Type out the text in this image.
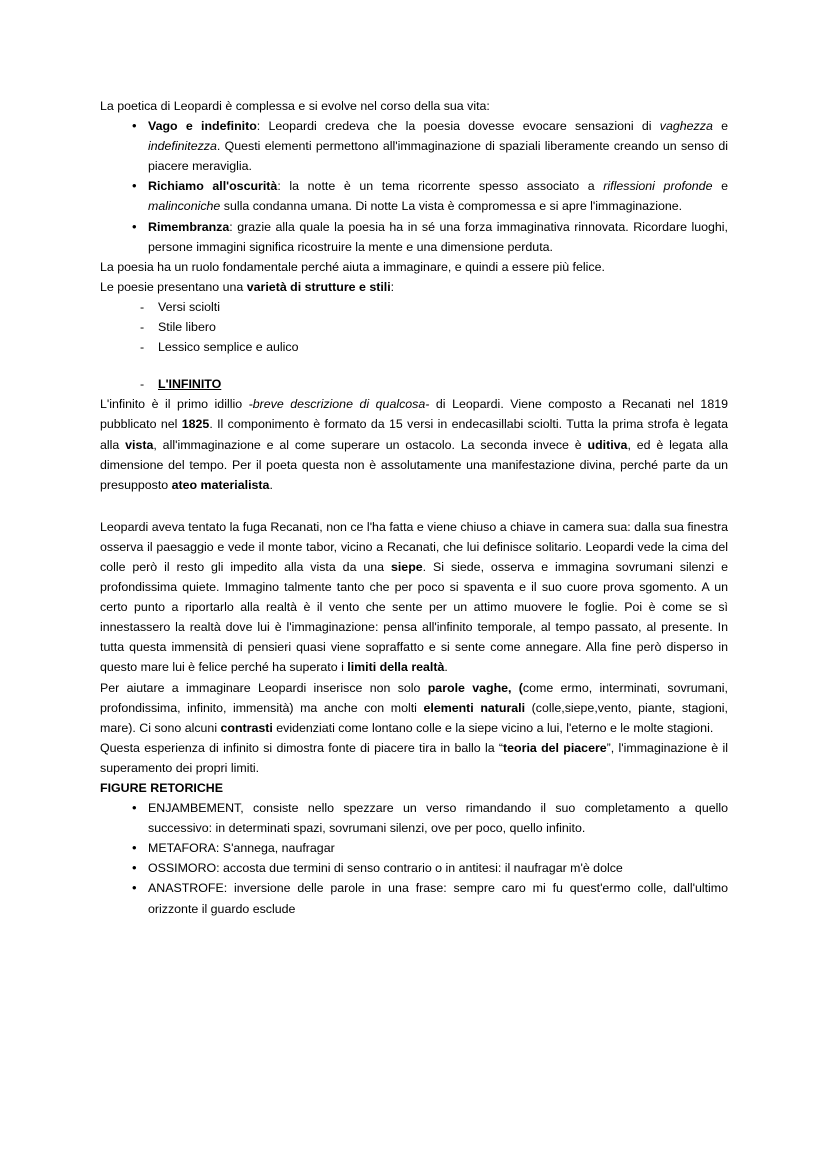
La poetica di Leopardi è complessa e si evolve nel corso della sua vita:

• Vago e indefinito: Leopardi credeva che la poesia dovesse evocare sensazioni di vaghezza e indefinitezza. Questi elementi permettono all'immaginazione di spaziali liberamente creando un senso di piacere meraviglia.
• Richiamo all'oscurità: la notte è un tema ricorrente spesso associato a riflessioni profonde e malinconiche sulla condanna umana. Di notte La vista è compromessa e si apre l'immaginazione.
• Rimembranza: grazie alla quale la poesia ha in sé una forza immaginativa rinnovata. Ricordare luoghi, persone immagini significa ricostruire la mente e una dimensione perduta.

La poesia ha un ruolo fondamentale perché aiuta a immaginare, e quindi a essere più felice.

Le poesie presentano una varietà di strutture e stili:

- Versi sciolti
- Stile libero
- Lessico semplice e aulico

- L'INFINITO

L'infinito è il primo idillio -breve descrizione di qualcosa- di Leopardi. Viene composto a Recanati nel 1819 pubblicato nel 1825. Il componimento è formato da 15 versi in endecasillabi sciolti. Tutta la prima strofa è legata alla vista, all'immaginazione e al come superare un ostacolo. La seconda invece è uditiva, ed è legata alla dimensione del tempo. Per il poeta questa non è assolutamente una manifestazione divina, perché parte da un presupposto ateo materialista.

Leopardi aveva tentato la fuga Recanati, non ce l'ha fatta e viene chiuso a chiave in camera sua: dalla sua finestra osserva il paesaggio e vede il monte tabor, vicino a Recanati, che lui definisce solitario. Leopardi vede la cima del colle però il resto gli impedito alla vista da una siepe. Si siede, osserva e immagina sovrumani silenzi e profondissima quiete. Immagino talmente tanto che per poco si spaventa e il suo cuore prova sgomento. A un certo punto a riportarlo alla realtà è il vento che sente per un attimo muovere le foglie. Poi è come se sì innestassero la realtà dove lui è l'immaginazione: pensa all'infinito temporale, al tempo passato, al presente. In tutta questa immensità di pensieri quasi viene sopraffatto e si sente come annegare. Alla fine però disperso in questo mare lui è felice perché ha superato i limiti della realtà.

Per aiutare a immaginare Leopardi inserisce non solo parole vaghe, (come ermo, interminati, sovrumani, profondissima, infinito, immensità) ma anche con molti elementi naturali (colle,siepe,vento, piante, stagioni, mare). Ci sono alcuni contrasti evidenziati come lontano colle e la siepe vicino a lui, l'eterno e le molte stagioni.

Questa esperienza di infinito si dimostra fonte di piacere tira in ballo la “teoria del piacere”, l'immaginazione è il superamento dei propri limiti.

FIGURE RETORICHE

• ENJAMBEMENT, consiste nello spezzare un verso rimandando il suo completamento a quello successivo: in determinati spazi, sovrumani silenzi, ove per poco, quello infinito.
• METAFORA: S'annega, naufragar
• OSSIMORO: accosta due termini di senso contrario o in antitesi: il naufragar m'è dolce
• ANASTROFE: inversione delle parole in una frase: sempre caro mi fu quest'ermo colle, dall'ultimo orizzonte il guardo esclude
